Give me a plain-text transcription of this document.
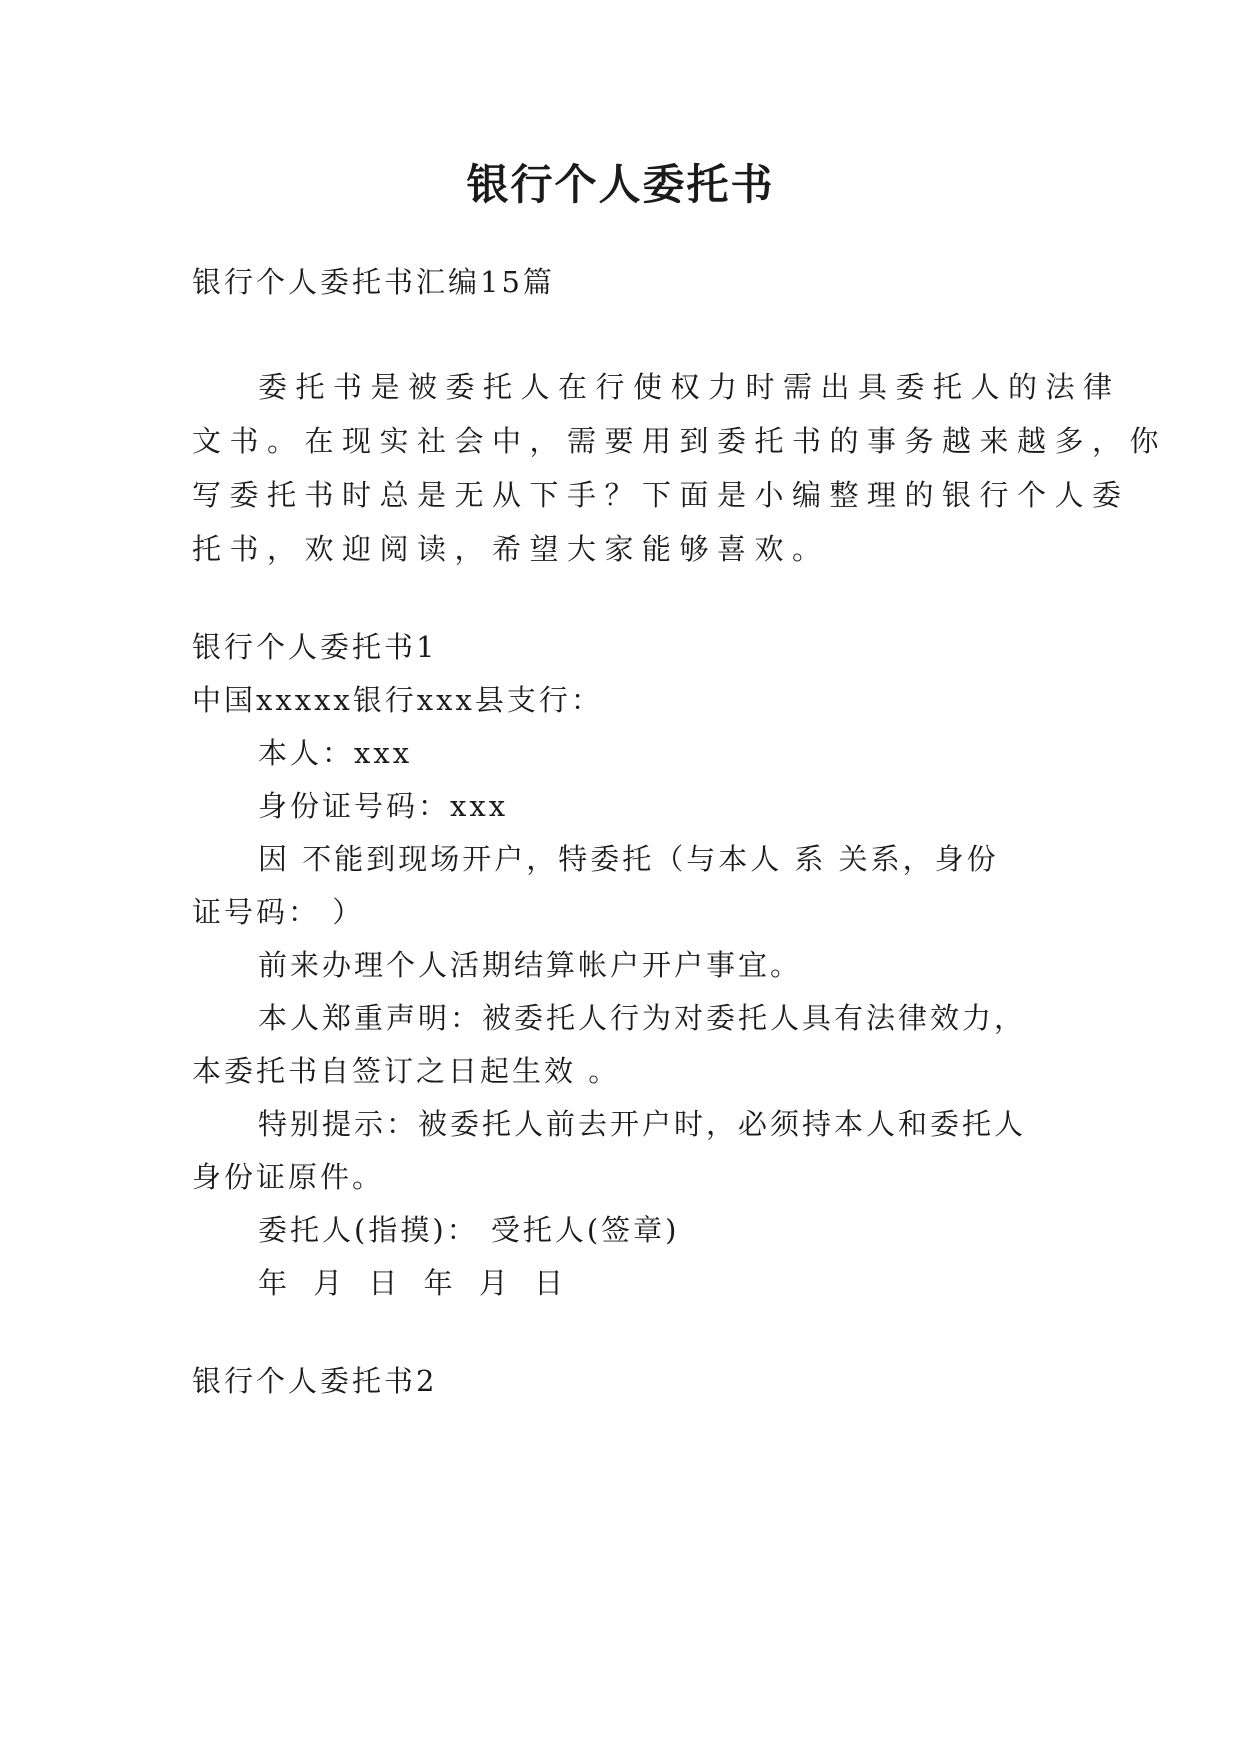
银行个人委托书
银行个人委托书汇编15篇
委托书是被委托人在行使权力时需出具委托人的法律
文书。在现实社会中，需要用到委托书的事务越来越多，你
写委托书时总是无从下手？下面是小编整理的银行个人委
托书，欢迎阅读，希望大家能够喜欢。
银行个人委托书1
中国xxxxx银行xxx县支行：
本人：xxx
身份证号码：xxx
因 不能到现场开户，特委托（与本人 系 关系，身份
证号码： ）
前来办理个人活期结算帐户开户事宜。
本人郑重声明：被委托人行为对委托人具有法律效力，
本委托书自签订之日起生效 。
特别提示：被委托人前去开户时，必须持本人和委托人
身份证原件。
委托人(指摸)： 受托人(签章)
年 月 日 年 月 日
银行个人委托书2
